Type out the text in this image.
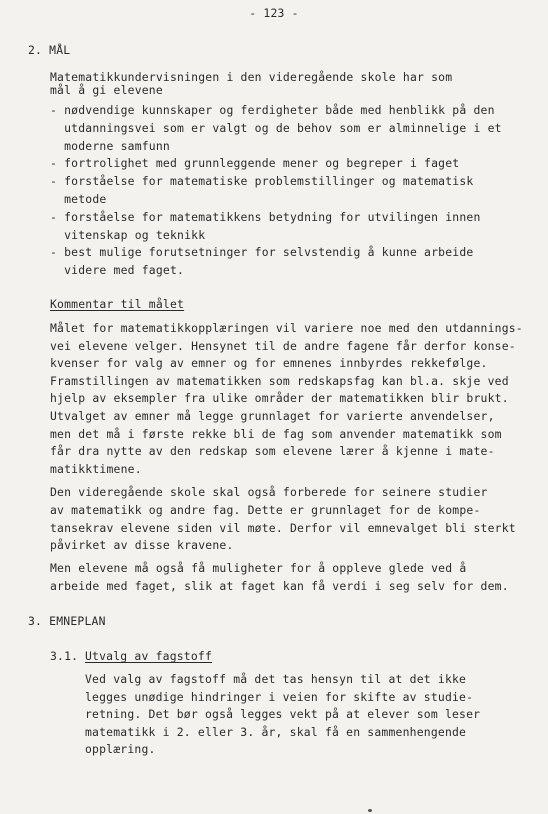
- 123 -
2. MÅL
Matematikkundervisningen i den videregående skole har som
mål å gi elevene
- nødvendige kunnskaper og ferdigheter både med henblikk på den
utdanningsvei som er valgt og de behov som er alminnelige i et
moderne samfunn
- fortrolighet med grunnleggende mener og begreper i faget
- forståelse for matematiske problemstillinger og matematisk
metode
- forståelse for matematikkens betydning for utvilingen innen
vitenskap og teknikk
- best mulige forutsetninger for selvstendig å kunne arbeide
videre med faget.
Kommentar til målet
Målet for matematikkopplæringen vil variere noe med den utdannings-
vei elevene velger. Hensynet til de andre fagene får derfor konse-
kvenser for valg av emner og for emnenes innbyrdes rekkefølge.
Framstillingen av matematikken som redskapsfag kan bl.a. skje ved
hjelp av eksempler fra ulike områder der matematikken blir brukt.
Utvalget av emner må legge grunnlaget for varierte anvendelser,
men det må i første rekke bli de fag som anvender matematikk som
får dra nytte av den redskap som elevene lærer å kjenne i mate-
matikktimene.
Den videregående skole skal også forberede for seinere studier
av matematikk og andre fag. Dette er grunnlaget for de kompe-
tansekrav elevene siden vil møte. Derfor vil emnevalget bli sterkt
påvirket av disse kravene.
Men elevene må også få muligheter for å oppleve glede ved å
arbeide med faget, slik at faget kan få verdi i seg selv for dem.
3. EMNEPLAN
3.1. Utvalg av fagstoff
Ved valg av fagstoff må det tas hensyn til at det ikke
legges unødige hindringer i veien for skifte av studie-
retning. Det bør også legges vekt på at elever som leser
matematikk i 2. eller 3. år, skal få en sammenhengende
opplæring.
